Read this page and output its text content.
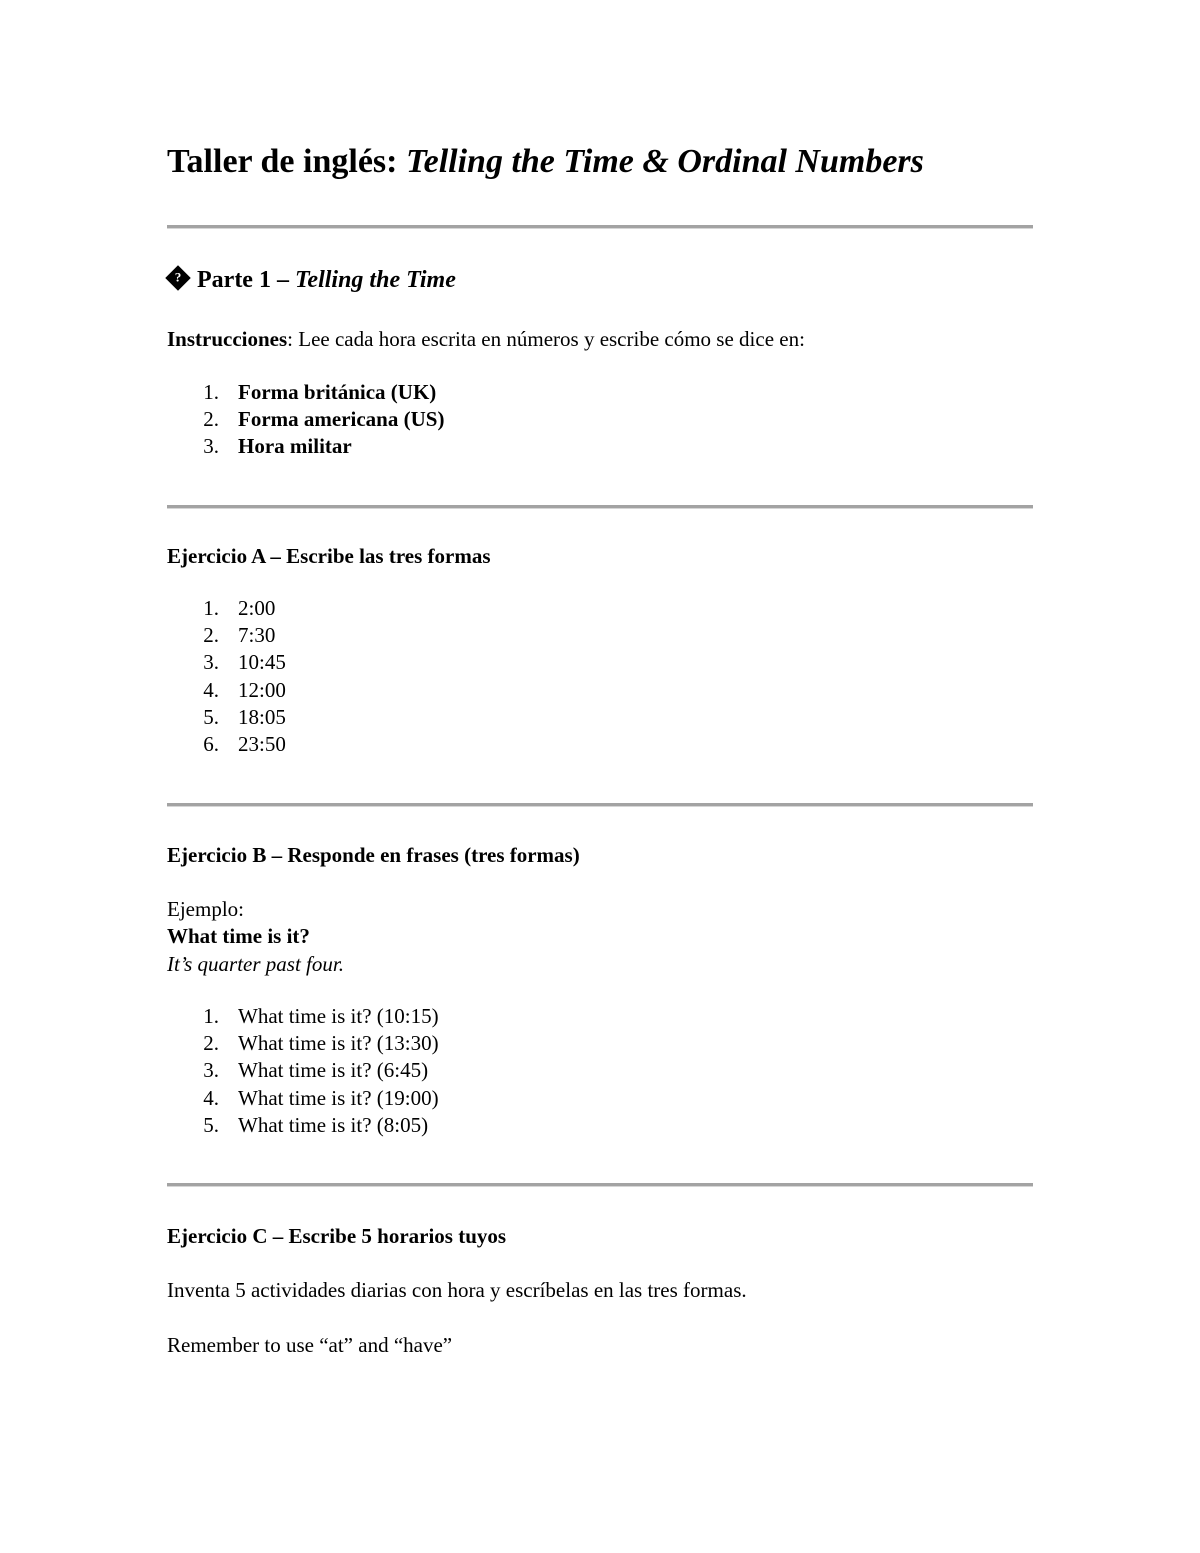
Taller de inglés: Telling the Time & Ordinal Numbers
? Parte 1 – Telling the Time
Instrucciones: Lee cada hora escrita en números y escribe cómo se dice en:
1. Forma británica (UK)
2. Forma americana (US)
3. Hora militar
Ejercicio A – Escribe las tres formas
1. 2:00
2. 7:30
3. 10:45
4. 12:00
5. 18:05
6. 23:50
Ejercicio B – Responde en frases (tres formas)
Ejemplo:
What time is it?
It’s quarter past four.
1. What time is it? (10:15)
2. What time is it? (13:30)
3. What time is it? (6:45)
4. What time is it? (19:00)
5. What time is it? (8:05)
Ejercicio C – Escribe 5 horarios tuyos
Inventa 5 actividades diarias con hora y escríbelas en las tres formas.
Remember to use “at” and “have”
